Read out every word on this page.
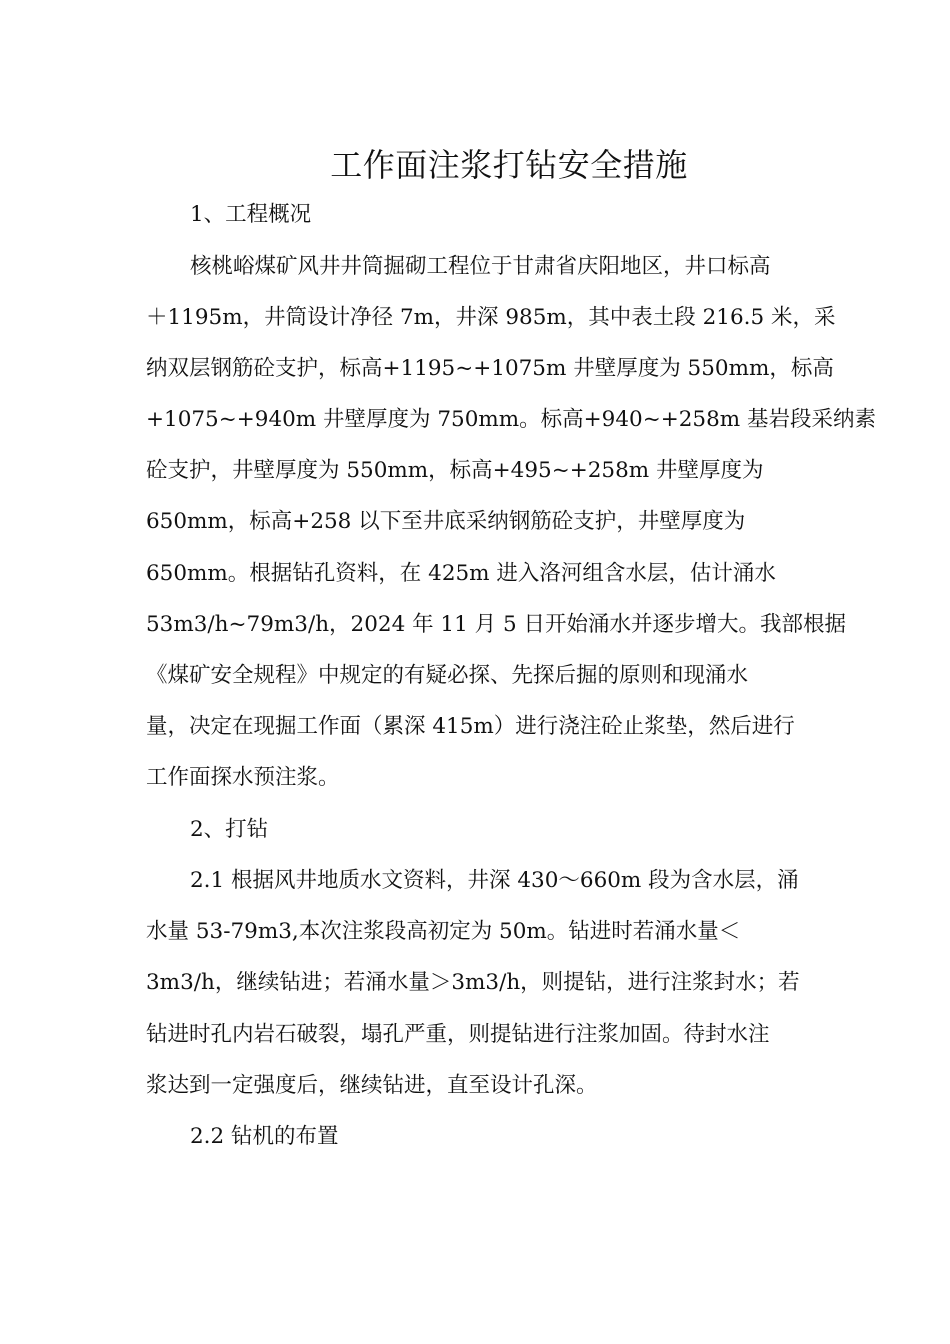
工作面注浆打钻安全措施
1、工程概况
核桃峪煤矿风井井筒掘砌工程位于甘肃省庆阳地区，井口标高
＋1195m，井筒设计净径 7m，井深 985m，其中表土段 216.5 米，采
纳双层钢筋砼支护，标高+1195~+1075m 井壁厚度为 550mm，标高
+1075~+940m 井壁厚度为 750mm。标高+940~+258m 基岩段采纳素
砼支护，井壁厚度为 550mm，标高+495~+258m 井壁厚度为
650mm，标高+258 以下至井底采纳钢筋砼支护，井壁厚度为
650mm。根据钻孔资料，在 425m 进入洛河组含水层，估计涌水
53m3/h~79m3/h，2024 年 11 月 5 日开始涌水并逐步增大。我部根据
《煤矿安全规程》中规定的有疑必探、先探后掘的原则和现涌水
量，决定在现掘工作面（累深 415m）进行浇注砼止浆垫，然后进行
工作面探水预注浆。
2、打钻
2.1 根据风井地质水文资料，井深 430～660m 段为含水层，涌
水量 53-79m3,本次注浆段高初定为 50m。钻进时若涌水量＜
3m3/h，继续钻进；若涌水量＞3m3/h，则提钻，进行注浆封水；若
钻进时孔内岩石破裂，塌孔严重，则提钻进行注浆加固。待封水注
浆达到一定强度后，继续钻进，直至设计孔深。
2.2 钻机的布置
